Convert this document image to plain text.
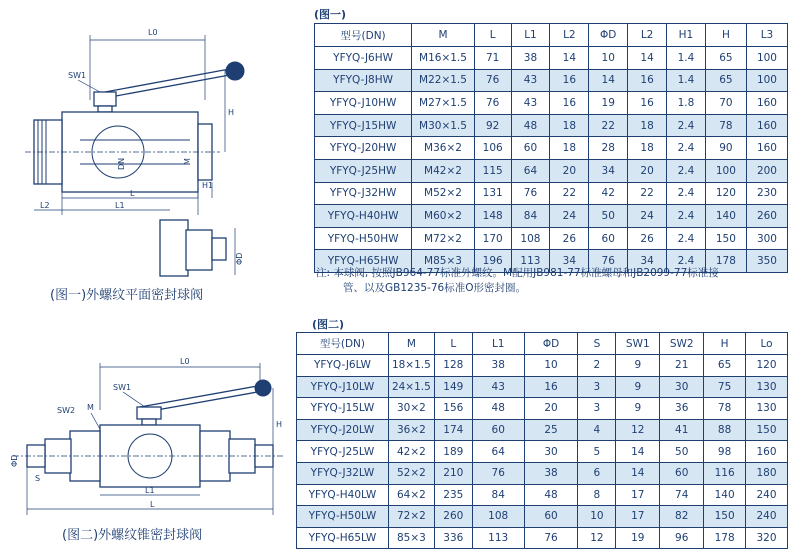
L0
SW1
DN	M
H
H1
L
L1
L2
ΦD
(图一)外螺纹平面密封球阀
(图一)
型号(DN)	M	L	L1	L2	ΦD	L2	H1	H	L3
YFYQ-J6HW	M16×1.5	71	38	14	10	14	1.4	65	100
YFYQ-J8HW	M22×1.5	76	43	16	14	16	1.4	65	100
YFYQ-J10HW	M27×1.5	76	43	16	19	16	1.8	70	160
YFYQ-J15HW	M30×1.5	92	48	18	22	18	2.4	78	160
YFYQ-J20HW	M36×2	106	60	18	28	18	2.4	90	160
YFYQ-J25HW	M42×2	115	64	20	34	20	2.4	100	200
YFYQ-J32HW	M52×2	131	76	22	42	22	2.4	120	230
YFYQ-H40HW	M60×2	148	84	24	50	24	2.4	140	260
YFYQ-H50HW	M72×2	170	108	26	60	26	2.4	150	300
YFYQ-H65HW	M85×3	196	113	34	76	34	2.4	178	350
注: 本球阀, 按照JB964-77标准外螺纹。M配用JB981-77标准螺母和JB2099-77标准接
管、以及GB1235-76标准O形密封圈。
(图二)
型号(DN)	M	L	L1	ΦD	S	SW1	SW2	H	Lo
YFYQ-J6LW	18×1.5	128	38	10	2	9	21	65	120
YFYQ-J10LW	24×1.5	149	43	16	3	9	30	75	130
YFYQ-J15LW	30×2	156	48	20	3	9	36	78	130
YFYQ-J20LW	36×2	174	60	25	4	12	41	88	150
YFYQ-J25LW	42×2	189	64	30	5	14	50	98	160
YFYQ-J32LW	52×2	210	76	38	6	14	60	116	180
YFYQ-H40LW	64×2	235	84	48	8	17	74	140	240
YFYQ-H50LW	72×2	260	108	60	10	17	82	150	240
YFYQ-H65LW	85×3	336	113	76	12	19	96	178	320
L0
SW1
SW2 M
ΦD
S
H
L
L1
(图二)外螺纹锥密封球阀
